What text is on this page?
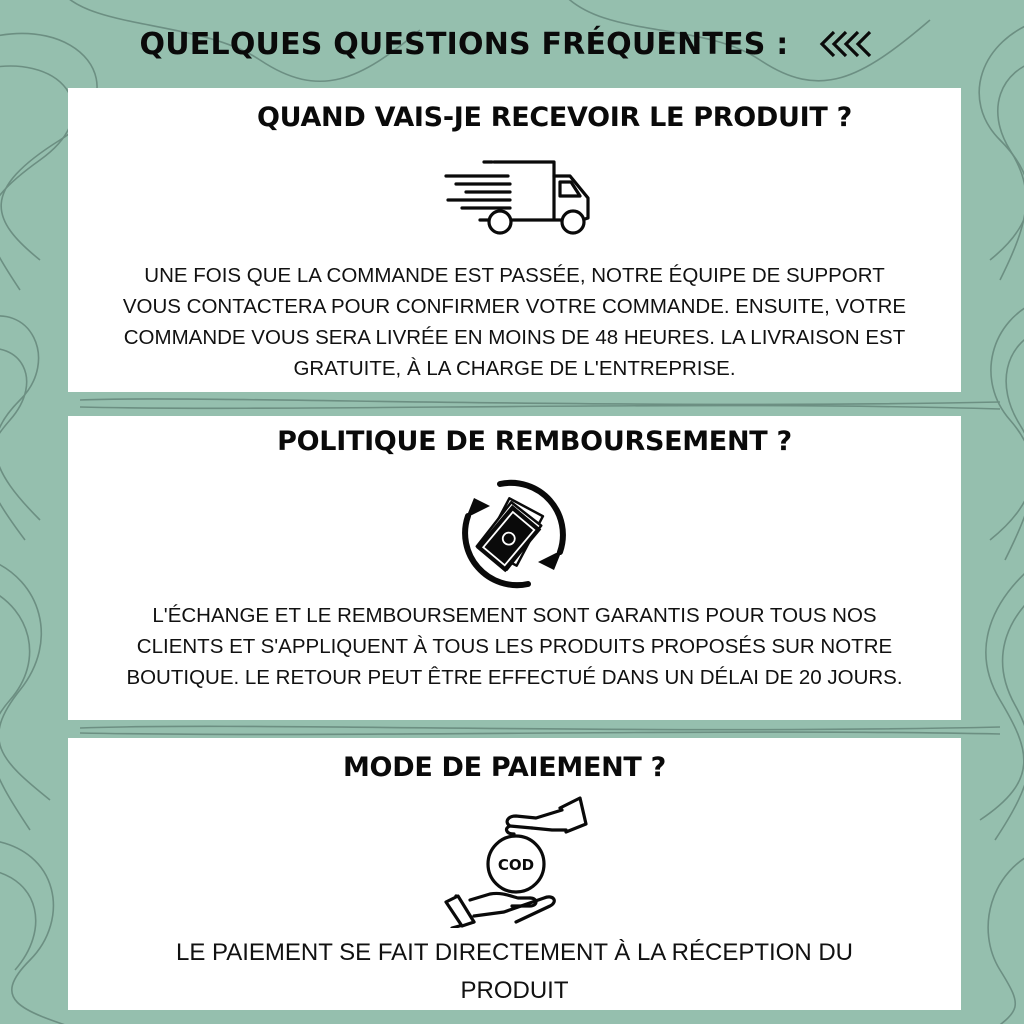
QUELQUES QUESTIONS FRÉQUENTES :
QUAND VAIS-JE RECEVOIR LE PRODUIT ?

UNE FOIS QUE LA COMMANDE EST PASSÉE, NOTRE ÉQUIPE DE SUPPORT
VOUS CONTACTERA POUR CONFIRMER VOTRE COMMANDE. ENSUITE, VOTRE
COMMANDE VOUS SERA LIVRÉE EN MOINS DE 48 HEURES. LA LIVRAISON EST
GRATUITE, À LA CHARGE DE L'ENTREPRISE.

POLITIQUE DE REMBOURSEMENT ?

L'ÉCHANGE ET LE REMBOURSEMENT SONT GARANTIS POUR TOUS NOS
CLIENTS ET S'APPLIQUENT À TOUS LES PRODUITS PROPOSÉS SUR NOTRE
BOUTIQUE. LE RETOUR PEUT ÊTRE EFFECTUÉ DANS UN DÉLAI DE 20 JOURS.

MODE DE PAIEMENT ?
COD

LE PAIEMENT SE FAIT DIRECTEMENT À LA RÉCEPTION DU
PRODUIT
